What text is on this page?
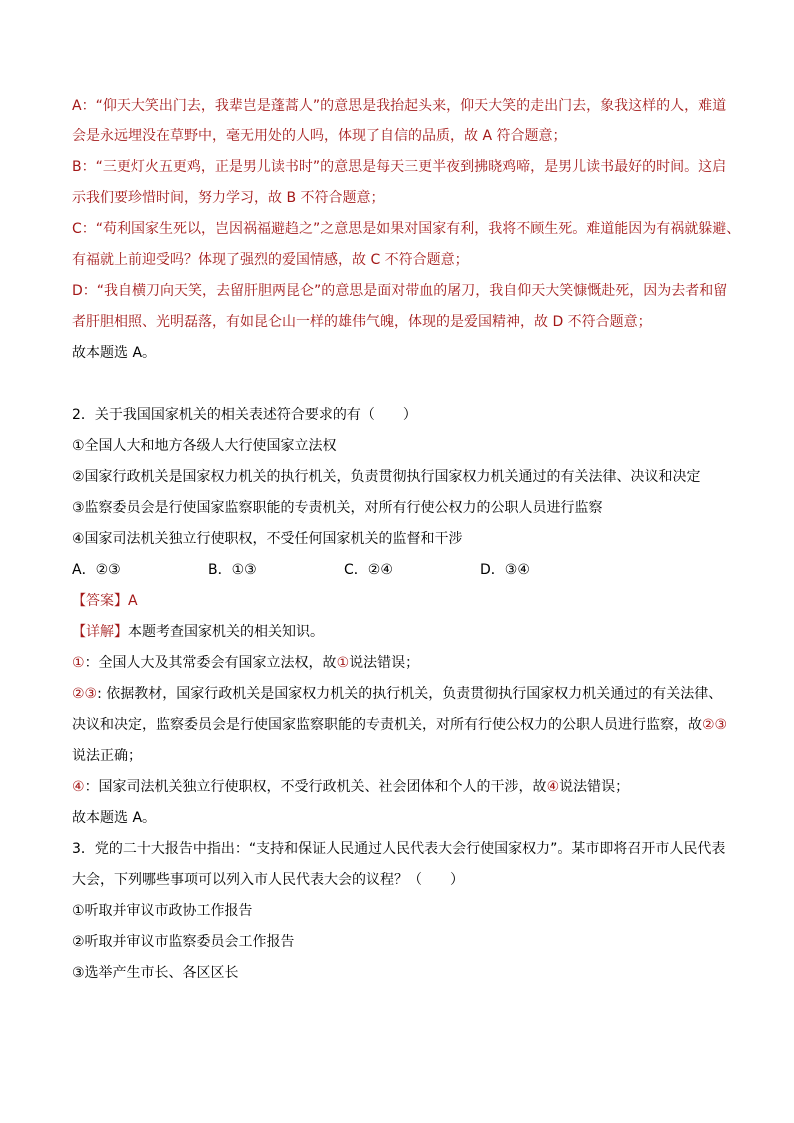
A：“仰天大笑出门去，我辈岂是蓬蒿人”的意思是我抬起头来，仰天大笑的走出门去，象我这样的人，难道
会是永远埋没在草野中，毫无用处的人吗，体现了自信的品质，故 A 符合题意；
B：“三更灯火五更鸡，正是男儿读书时”的意思是每天三更半夜到拂晓鸡啼，是男儿读书最好的时间。这启
示我们要珍惜时间，努力学习，故 B 不符合题意；
C：“苟利国家生死以，岂因祸福避趋之”之意思是如果对国家有利，我将不顾生死。难道能因为有祸就躲避、
有福就上前迎受吗？体现了强烈的爱国情感，故 C 不符合题意；
D：“我自横刀向天笑，去留肝胆两昆仑”的意思是面对带血的屠刀，我自仰天大笑慷慨赴死，因为去者和留
者肝胆相照、光明磊落，有如昆仑山一样的雄伟气魄，体现的是爱国精神，故 D 不符合题意；
故本题选 A。
2．关于我国国家机关的相关表述符合要求的有（　　）
①全国人大和地方各级人大行使国家立法权
②国家行政机关是国家权力机关的执行机关，负责贯彻执行国家权力机关通过的有关法律、决议和决定
③监察委员会是行使国家监察职能的专责机关，对所有行使公权力的公职人员进行监察
④国家司法机关独立行使职权，不受任何国家机关的监督和干涉
A．②③	B．①③	C．②④	D．③④
【答案】A
【详解】本题考查国家机关的相关知识。
①：全国人大及其常委会有国家立法权，故①说法错误；
②③: 依据教材，国家行政机关是国家权力机关的执行机关，负责贯彻执行国家权力机关通过的有关法律、
决议和决定，监察委员会是行使国家监察职能的专责机关，对所有行使公权力的公职人员进行监察，故②③
说法正确；
④：国家司法机关独立行使职权，不受行政机关、社会团体和个人的干涉，故④说法错误；
故本题选 A。
3．党的二十大报告中指出：“支持和保证人民通过人民代表大会行使国家权力”。某市即将召开市人民代表
大会，下列哪些事项可以列入市人民代表大会的议程？（　　）
①听取并审议市政协工作报告
②听取并审议市监察委员会工作报告
③选举产生市长、各区区长
